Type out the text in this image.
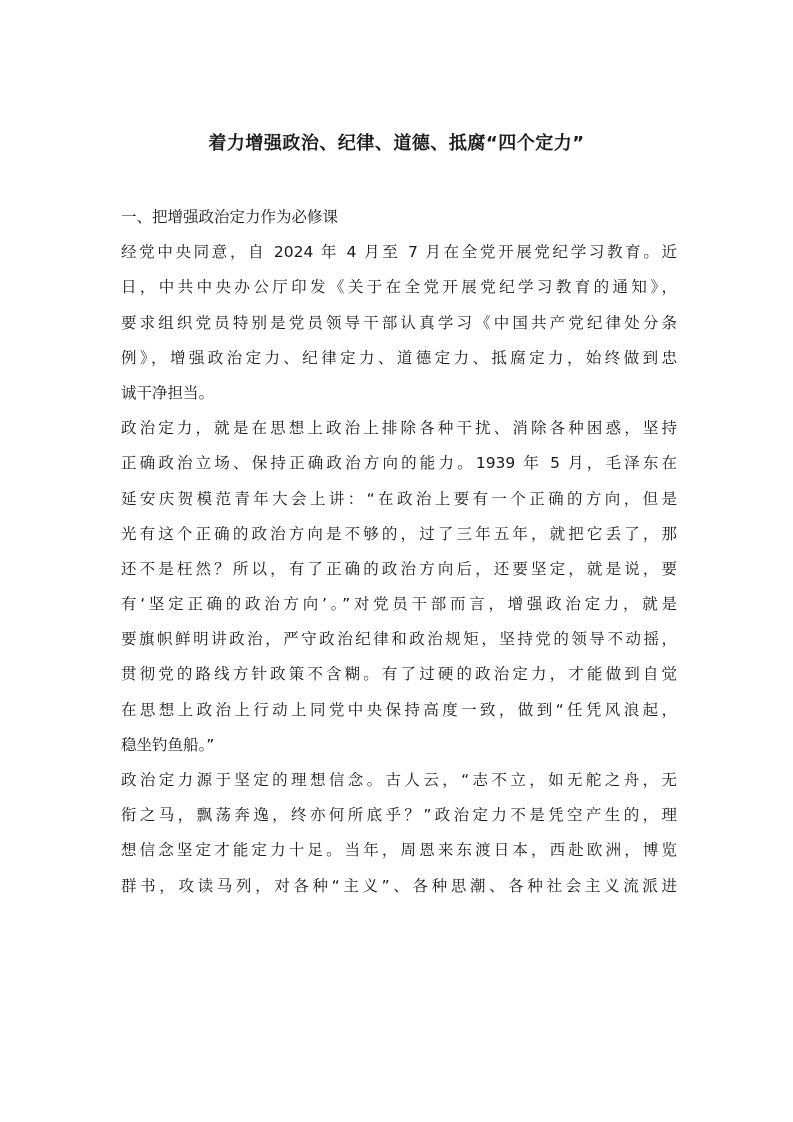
着力增强政治、纪律、道德、抵腐“四个定力”
一、把增强政治定力作为必修课
经党中央同意，自 2024 年 4 月至 7 月在全党开展党纪学习教育。近
日，中共中央办公厅印发《关于在全党开展党纪学习教育的通知》，
要求组织党员特别是党员领导干部认真学习《中国共产党纪律处分条
例》，增强政治定力、纪律定力、道德定力、抵腐定力，始终做到忠
诚干净担当。
政治定力，就是在思想上政治上排除各种干扰、消除各种困惑，坚持
正确政治立场、保持正确政治方向的能力。1939 年 5 月，毛泽东在
延安庆贺模范青年大会上讲：“在政治上要有一个正确的方向，但是
光有这个正确的政治方向是不够的，过了三年五年，就把它丢了，那
还不是枉然？所以，有了正确的政治方向后，还要坚定，就是说，要
有‘坚定正确的政治方向’。”对党员干部而言，增强政治定力，就是
要旗帜鲜明讲政治，严守政治纪律和政治规矩，坚持党的领导不动摇，
贯彻党的路线方针政策不含糊。有了过硬的政治定力，才能做到自觉
在思想上政治上行动上同党中央保持高度一致，做到“任凭风浪起，
稳坐钓鱼船。”
政治定力源于坚定的理想信念。古人云，“志不立，如无舵之舟，无
衔之马，飘荡奔逸，终亦何所底乎？”政治定力不是凭空产生的，理
想信念坚定才能定力十足。当年，周恩来东渡日本，西赴欧洲，博览
群书，攻读马列，对各种“主义”、各种思潮、各种社会主义流派进
